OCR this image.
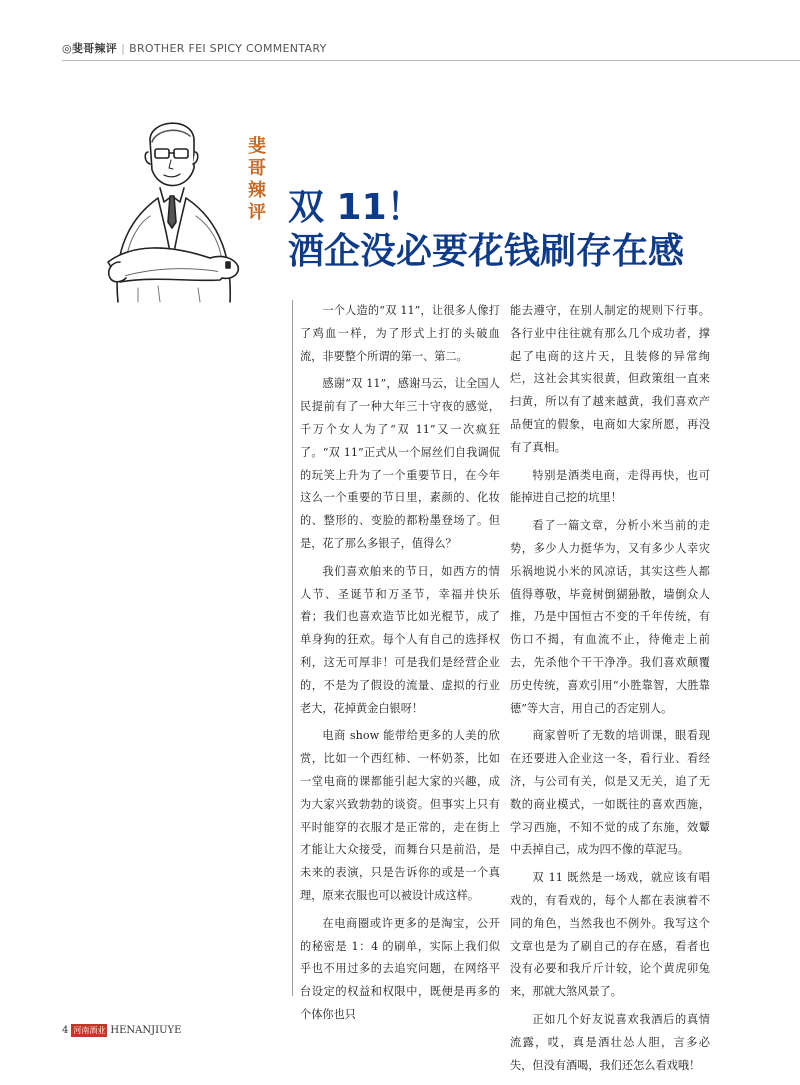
◎斐哥辣评 | BROTHER FEI SPICY COMMENTARY
斐
哥
辣
评 双 11！
酒企没必要花钱刷存在感

一个人造的“双 11”，让很多人像打了鸡血一样，为了形式上打的头破血流，非要整个所谓的第一、第二。

感谢“双 11”，感谢马云，让全国人民提前有了一种大年三十守夜的感觉，千万个女人为了“双 11”又一次疯狂了。“双 11”正式从一个屌丝们自我调侃的玩笑上升为了一个重要节日，在今年这么一个重要的节日里，素颜的、化妆的、整形的、变脸的都粉墨登场了。但是，花了那么多银子，值得么？

我们喜欢舶来的节日，如西方的情人节、圣诞节和万圣节，幸福并快乐着；我们也喜欢造节比如光棍节，成了单身狗的狂欢。每个人有自己的选择权利，这无可厚非！可是我们是经营企业的，不是为了假设的流量、虚拟的行业老大，花掉黄金白银呀！

电商 show 能带给更多的人美的欣赏，比如一个西红柿、一杯奶茶，比如一堂电商的课都能引起大家的兴趣，成为大家兴致勃勃的谈资。但事实上只有平时能穿的衣服才是正常的，走在街上才能让大众接受，而舞台只是前沿，是未来的表演，只是告诉你的或是一个真理，原来衣服也可以被设计成这样。

在电商圈或许更多的是淘宝，公开的秘密是 1：4 的刷单，实际上我们似乎也不用过多的去追究问题，在网络平台设定的权益和权限中，既便是再多的个体你也只

能去遵守，在别人制定的规则下行事。各行业中往往就有那么几个成功者，撑起了电商的这片天，且装修的异常绚烂，这社会其实很黄，但政策组一直来扫黄，所以有了越来越黄，我们喜欢产品便宜的假象，电商如大家所愿，再没有了真相。

特别是酒类电商，走得再快，也可能掉进自己挖的坑里！

看了一篇文章，分析小米当前的走势，多少人力挺华为，又有多少人幸灾乐祸地说小米的风凉话，其实这些人都值得尊敬，毕竟树倒猢狲散，墙倒众人推，乃是中国恒古不变的千年传统，有伤口不揭，有血流不止，待俺走上前去，先杀他个干干净净。我们喜欢颠覆历史传统，喜欢引用“小胜靠智，大胜靠德”等大言，用自己的否定别人。

商家曾听了无数的培训课，眼看现在还要进入企业这一冬，看行业、看经济，与公司有关，似是又无关，追了无数的商业模式，一如既往的喜欢西施，学习西施，不知不觉的成了东施，效颦中丢掉自己，成为四不像的草泥马。

双 11 既然是一场戏，就应该有唱戏的，有看戏的，每个人都在表演着不同的角色，当然我也不例外。我写这个文章也是为了刷自己的存在感，看者也没有必要和我斤斤计较，论个黄虎卯兔来，那就大煞风景了。

正如几个好友说喜欢我酒后的真情流露，哎，真是酒壮怂人胆，言多必失，但没有酒喝，我们还怎么看戏哦！

4 河南酒业 HENANJIUYE
